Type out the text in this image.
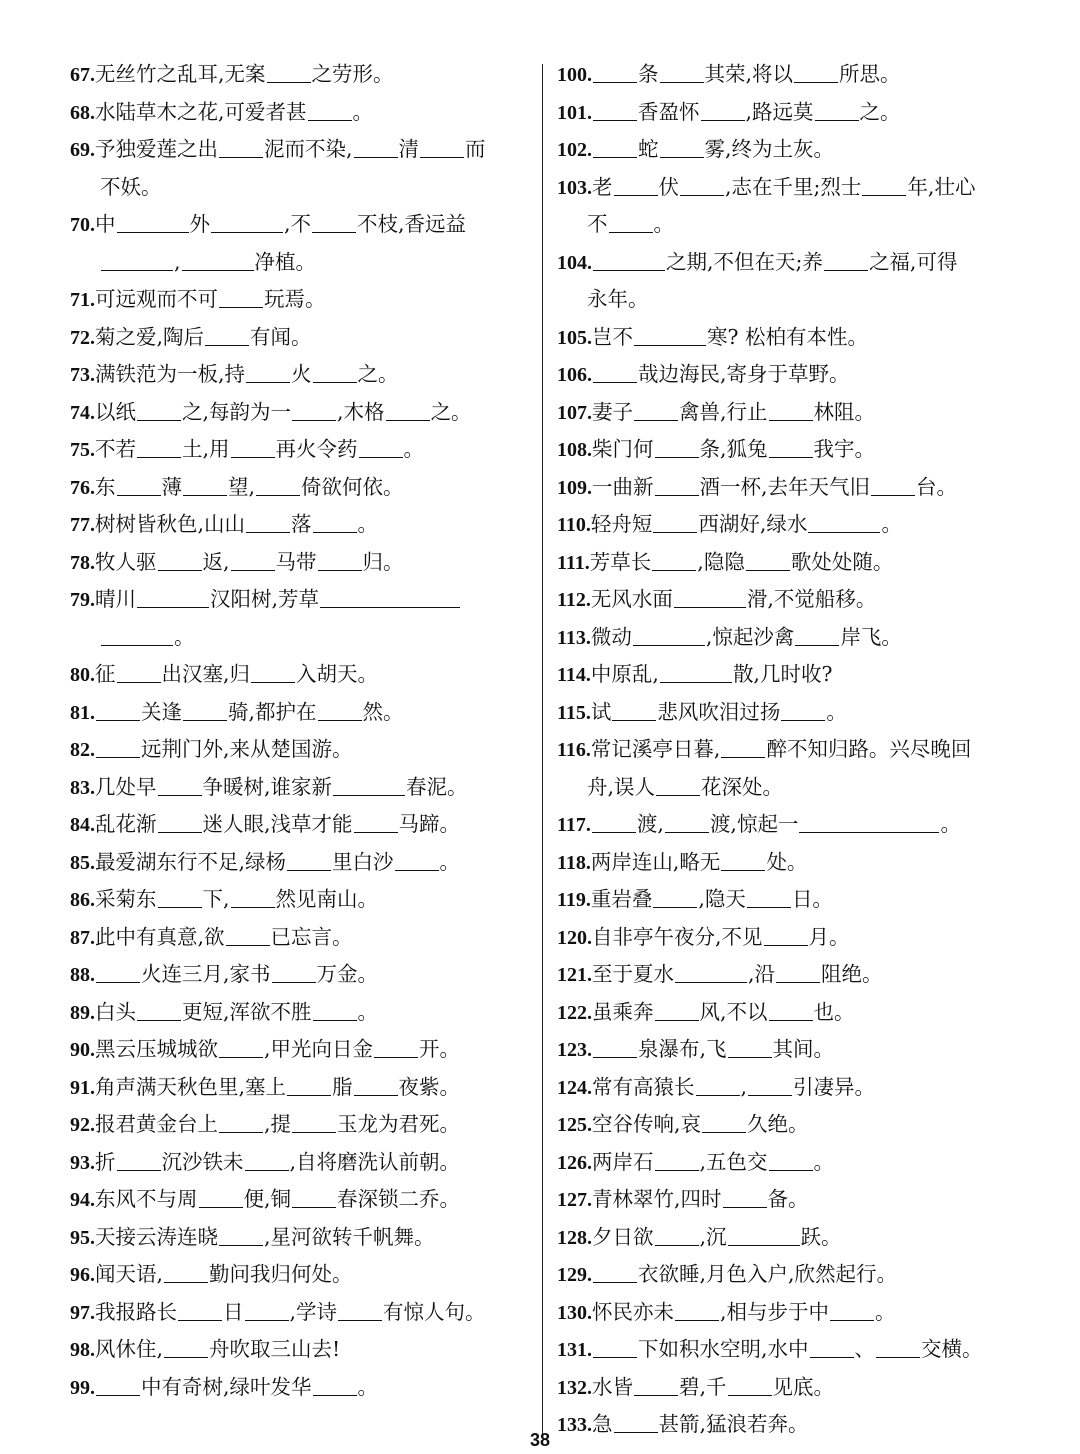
67.无丝竹之乱耳,无案 之劳形。
68.水陆草木之花,可爱者甚 。
69.予独爱莲之出 泥而不染, 清 而
不妖。
70.中	外	,不 不枝,香远益
,	净植。
71.可远观而不可 玩焉。
72.菊之爱,陶后 有闻。
73.满铁范为一板,持 火 之。
74.以纸 之,每韵为一 ,木格 之。
75.不若 土,用 再火令药 。
76.东 薄 望, 倚欲何依。
77.树树皆秋色,山山 落 。
78.牧人驱 返, 马带 归。
79.晴川	汉阳树,芳草
。
80.征 出汉塞,归 入胡天。
81. 关逢 骑,都护在 然。
82. 远荆门外,来从楚国游。
83.几处早 争暖树,谁家新	春泥。
84.乱花渐 迷人眼,浅草才能 马蹄。
85.最爱湖东行不足,绿杨 里白沙 。
86.采菊东 下, 然见南山。
87.此中有真意,欲 已忘言。
88. 火连三月,家书 万金。
89.白头 更短,浑欲不胜 。
90.黑云压城城欲 ,甲光向日金 开。
91.角声满天秋色里,塞上 脂 夜紫。
92.报君黄金台上 ,提 玉龙为君死。
93.折 沉沙铁未 ,自将磨洗认前朝。
94.东风不与周 便,铜 春深锁二乔。
95.天接云涛连晓 ,星河欲转千帆舞。
96.闻天语, 勤问我归何处。
97.我报路长 日 ,学诗 有惊人句。
98.风休住, 舟吹取三山去!
99. 中有奇树,绿叶发华 。
100. 条 其荣,将以 所思。
101. 香盈怀 ,路远莫 之。
102. 蛇 雾,终为土灰。
103.老 伏 ,志在千里;烈士 年,壮心
不 。
104.	之期,不但在天;养 之福,可得
永年。
105.岂不	寒? 松柏有本性。
106. 哉边海民,寄身于草野。
107.妻子 禽兽,行止 林阻。
108.柴门何 条,狐兔 我宇。
109.一曲新 酒一杯,去年天气旧 台。
110.轻舟短 西湖好,绿水	。
111.芳草长 ,隐隐 歌处处随。
112.无风水面	滑,不觉船移。
113.微动	,惊起沙禽 岸飞。
114.中原乱,	散,几时收?
115.试 悲风吹泪过扬 。
116.常记溪亭日暮, 醉不知归路。兴尽晚回
舟,误人 花深处。
117. 渡, 渡,惊起一	。
118.两岸连山,略无 处。
119.重岩叠 ,隐天 日。
120.自非亭午夜分,不见 月。
121.至于夏水	,沿 阻绝。
122.虽乘奔 风,不以 也。
123. 泉瀑布,飞 其间。
124.常有高猿长 , 引凄异。
125.空谷传响,哀 久绝。
126.两岸石 ,五色交 。
127.青林翠竹,四时 备。
128.夕日欲 ,沉	跃。
129. 衣欲睡,月色入户,欣然起行。
130.怀民亦未 ,相与步于中 。
131. 下如积水空明,水中 、 交横。
132.水皆 碧,千 见底。
133.急 甚箭,猛浪若奔。
38
